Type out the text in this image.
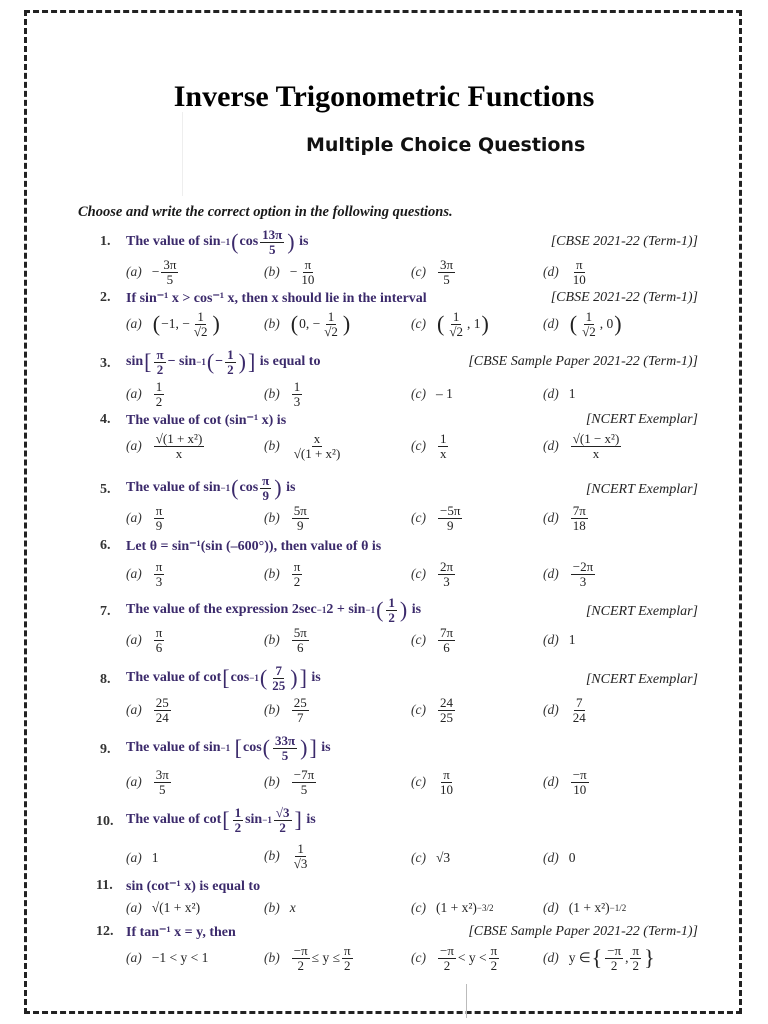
Inverse Trigonometric Functions
Multiple Choice Questions
Choose and write the correct option in the following questions.
1. The value of sin −1 ( $\cos \frac{13\pi}{5}$ )
is	[CBSE 2021-22 (Term-1)]
$(a) - \frac{3\pi}{5}$	$(b) - \frac{\pi}{10}$	$(c) \frac{3\pi}{5}$	$(d) \frac{\pi}{10}$
2. If sin⁻¹ x > cos⁻¹ x, then x should lie in the interval	[CBSE 2021-22 (Term-1)]
(a) ( −1, − $\frac{1}{√2}$ )	(b) ( 0, − $\frac{1}{√2}$ )	(c) ( $\frac{1}{√2}$ , 1 )	(d) ( $\frac{1}{√2}$ , 0 )
3. sin [ $\frac{\pi}{2} - \sin -1$ ( − $\frac{1}{2}$ ) ]
is equal to	[CBSE Sample Paper 2021-22 (Term-1)]
$(a) \frac{1}{2}$	$(b) \frac{1}{3}$	(c) – 1	(d) 1
4. The value of cot (sin⁻¹ x) is	[NCERT Exemplar]
$(a) \frac{\text{√(1 + x²)}}{x}$	$(b) \frac{x}{\text{√(1 + x²)}}$	$(c) \frac{1}{x}$	$(d) \frac{\text{√(1 − x²)}}{x}$
5. The value of sin −1 ( $\cos \frac{\pi}{9}$ )
is	[NCERT Exemplar]
$(a) \frac{\pi}{9}$	$(b) \frac{5\pi}{9}$	$(c) \frac{-5\pi}{9}$	$(d) \frac{7\pi}{18}$
6. Let θ = sin⁻¹(sin (–600°)), then value of θ is
$(a) \frac{\pi}{3}$	$(b) \frac{\pi}{2}$	$(c) \frac{2\pi}{3}$	$(d) \frac{-2\pi}{3}$
7. The value of the expression 2sec −1 2 + sin −1 ( $\frac{1}{2}$ )
is	[NCERT Exemplar]
$(a) \frac{\pi}{6}$	$(b) \frac{5\pi}{6}$	$(c) \frac{7\pi}{6}$	(d) 1
8. The value of cot [ cos −1 ( $\frac{7}{25}$ ) ]
is	[NCERT Exemplar]
$(a) \frac{25}{24}$	$(b) \frac{25}{7}$	$(c) \frac{24}{25}$	$(d) \frac{7}{24}$
9. The value of sin −1
[ cos ( $\frac{33\pi}{5}$ ) ]
is
$(a) \frac{3\pi}{5}$	$(b) \frac{-7\pi}{5}$	$(c) \frac{\pi}{10}$	$(d) \frac{-\pi}{10}$
10. The value of cot [ $\frac{1}{2}$ $\sin -1 \frac{√3}{2}$ ]
is
(a) 1	$(b) \frac{1}{√3}$	(c) √3	(d) 0
11. sin (cot⁻¹ x) is equal to
(a) √(1 + x²)	(b) x	(c) (1 + x²) −3/2	(d) (1 + x²) −1/2
12. If tan⁻¹ x = y, then	[CBSE Sample Paper 2021-22 (Term-1)]
(a) −1 < y < 1	$(b) \frac{-\pi}{2} \le y \le \frac{\pi}{2}$	$(c) \frac{-\pi}{2} < y < \frac{\pi}{2}$	(d) y ∈ { $\frac{-\pi}{2}$ , $\frac{\pi}{2}$ }
